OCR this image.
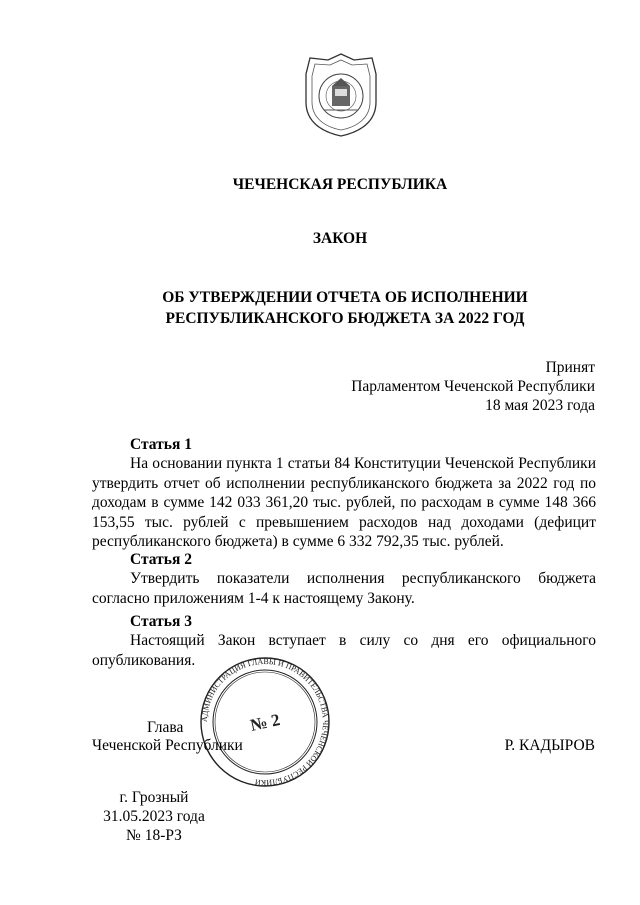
ЧЕЧЕНСКАЯ РЕСПУБЛИКА
ЗАКОН
ОБ УТВЕРЖДЕНИИ ОТЧЕТА ОБ ИСПОЛНЕНИИ
РЕСПУБЛИКАНСКОГО БЮДЖЕТА ЗА 2022 ГОД
Принят
Парламентом Чеченской Республики
18 мая 2023 года
Статья 1

На основании пункта 1 статьи 84 Конституции Чеченской Республики утвердить отчет об исполнении республиканского бюджета за 2022 год по доходам в сумме 142 033 361,20 тыс. рублей, по расходам в сумме 148 366 153,55 тыс. рублей с превышением расходов над доходами (дефицит республиканского бюджета) в сумме 6 332 792,35 тыс. рублей.

Статья 2

Утвердить показатели исполнения республиканского бюджета согласно приложениям 1-4 к настоящему Закону.

Статья 3

Настоящий Закон вступает в силу со дня его официального опубликования.

АДМИНИСТРАЦИЯ ГЛАВЫ И ПРАВИТЕЛЬСТВА ЧЕЧЕНСКОЙ РЕСПУБЛИКИ
№ 2
Глава
Чеченской Республики	Р. КАДЫРОВ
г. Грозный
31.05.2023 года
№ 18-РЗ
